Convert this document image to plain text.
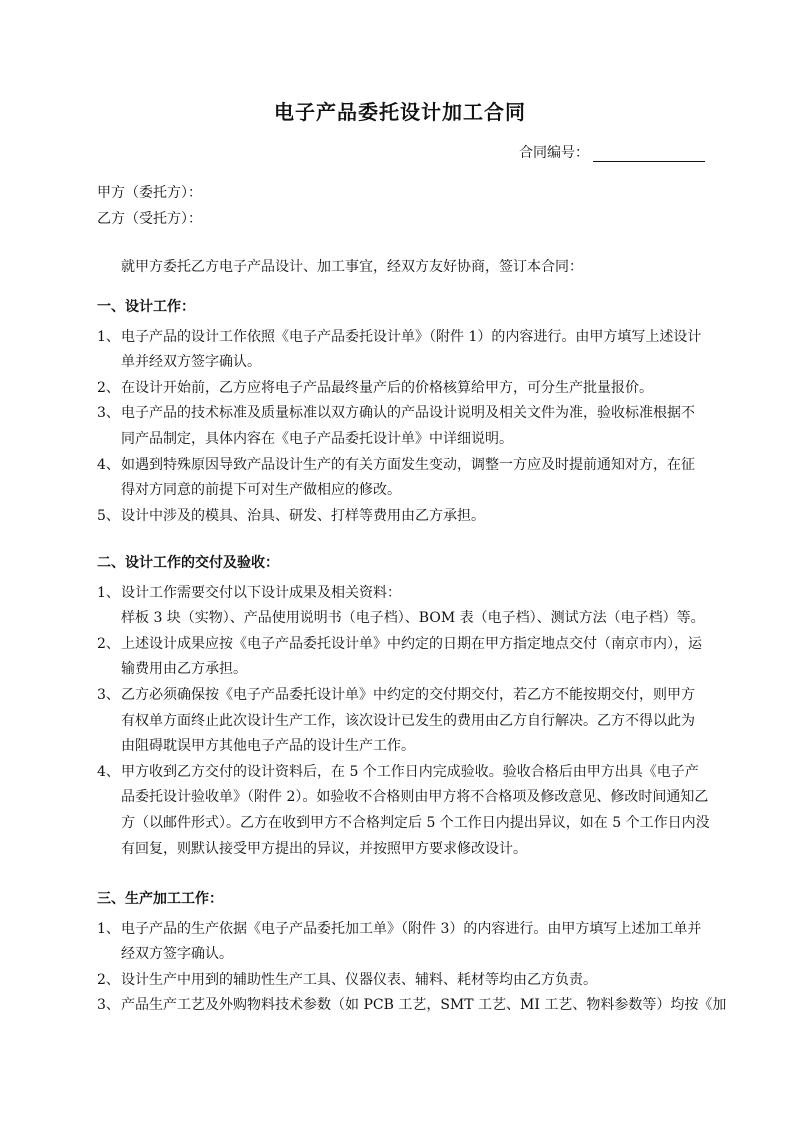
电子产品委托设计加工合同
合同编号：
甲方（委托方）：
乙方（受托方）：
就甲方委托乙方电子产品设计、加工事宜，经双方友好协商，签订本合同：
一、设计工作：
1、 电子产品的设计工作依照《电子产品委托设计单》（附件 1）的内容进行。由甲方填写上述设计
单并经双方签字确认。
2、 在设计开始前，乙方应将电子产品最终量产后的价格核算给甲方，可分生产批量报价。
3、 电子产品的技术标准及质量标准以双方确认的产品设计说明及相关文件为准，验收标准根据不
同产品制定，具体内容在《电子产品委托设计单》中详细说明。
4、 如遇到特殊原因导致产品设计生产的有关方面发生变动，调整一方应及时提前通知对方，在征
得对方同意的前提下可对生产做相应的修改。
5、 设计中涉及的模具、治具、研发、打样等费用由乙方承担。
二、设计工作的交付及验收：
1、 设计工作需要交付以下设计成果及相关资料：
样板 3 块（实物）、产品使用说明书（电子档）、BOM 表（电子档）、测试方法（电子档）等。
2、 上述设计成果应按《电子产品委托设计单》中约定的日期在甲方指定地点交付（南京市内），运
输费用由乙方承担。
3、 乙方必须确保按《电子产品委托设计单》中约定的交付期交付，若乙方不能按期交付，则甲方
有权单方面终止此次设计生产工作，该次设计已发生的费用由乙方自行解决。乙方不得以此为
由阻碍耽误甲方其他电子产品的设计生产工作。
4、 甲方收到乙方交付的设计资料后，在 5 个工作日内完成验收。验收合格后由甲方出具《电子产
品委托设计验收单》（附件 2）。如验收不合格则由甲方将不合格项及修改意见、修改时间通知乙
方（以邮件形式）。乙方在收到甲方不合格判定后 5 个工作日内提出异议，如在 5 个工作日内没
有回复，则默认接受甲方提出的异议，并按照甲方要求修改设计。
三、生产加工工作：
1、 电子产品的生产依据《电子产品委托加工单》（附件 3）的内容进行。由甲方填写上述加工单并
经双方签字确认。
2、 设计生产中用到的辅助性生产工具、仪器仪表、辅料、耗材等均由乙方负责。
3、 产品生产工艺及外购物料技术参数（如 PCB 工艺，SMT 工艺、MI 工艺、物料参数等）均按《加
